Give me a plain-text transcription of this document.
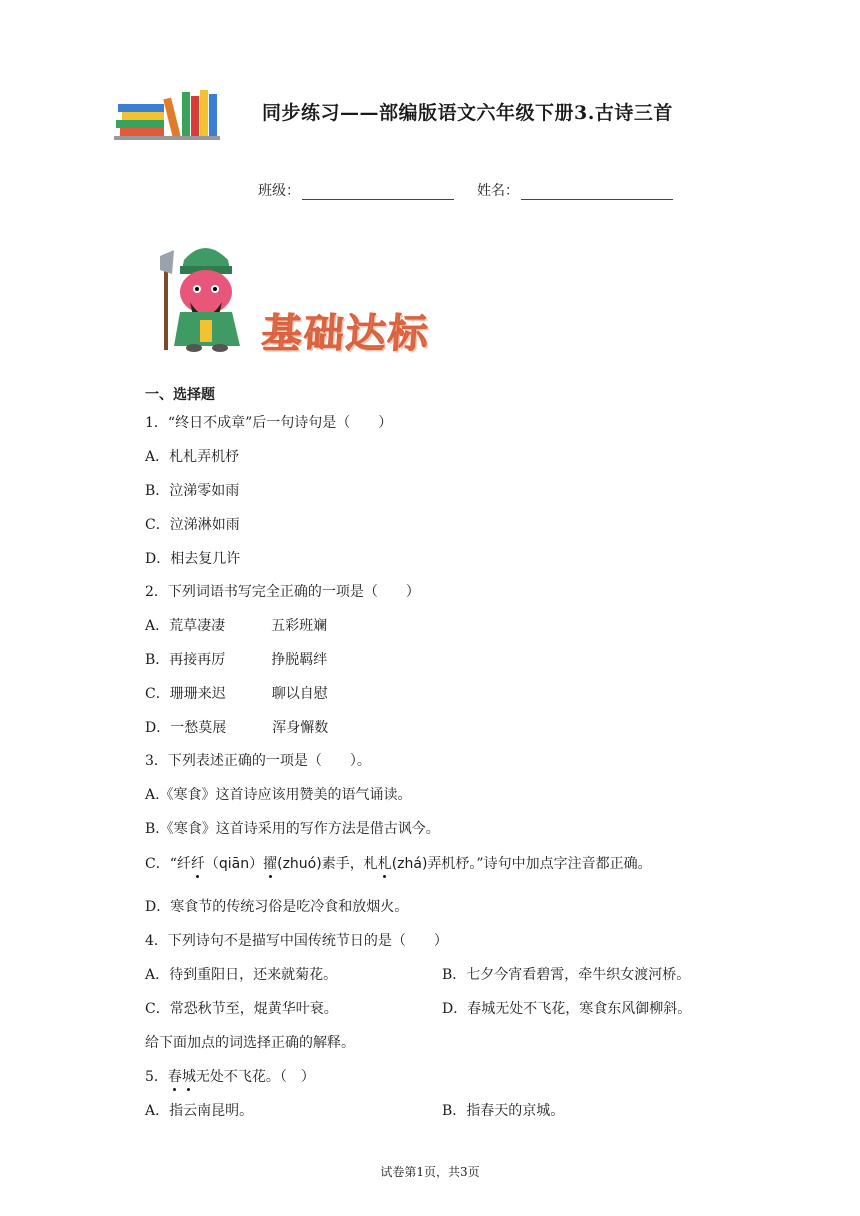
同步练习——部编版语文六年级下册3.古诗三首
班级：	姓名：
基础达标
一、选择题
1．“终日不成章”后一句诗句是（　　）
A．札札弄机杼
B．泣涕零如雨
C．泣涕淋如雨
D．相去复几许
2．下列词语书写完全正确的一项是（　　）
A．荒草凄凄	五彩班斓
B．再接再厉	挣脱羁绊
C．珊珊来迟	聊以自慰
D．一愁莫展	浑身懈数
3．下列表述正确的一项是（　　）。
A.《寒食》这首诗应该用赞美的语气诵读。
B.《寒食》这首诗采用的写作方法是借古讽今。
C．“纤纤（qiān）擢(zhuó)素手，札札(zhá)弄机杼。”诗句中加点字注音都正确。
D．寒食节的传统习俗是吃冷食和放烟火。
4．下列诗句不是描写中国传统节日的是（　　）
A．待到重阳日，还来就菊花。	B．七夕今宵看碧霄，牵牛织女渡河桥。
C．常恐秋节至，焜黄华叶衰。	D．春城无处不飞花，寒食东风御柳斜。
给下面加点的词选择正确的解释。
5．春城无处不飞花。（　）
A．指云南昆明。	B．指春天的京城。
试卷第1页，共3页
